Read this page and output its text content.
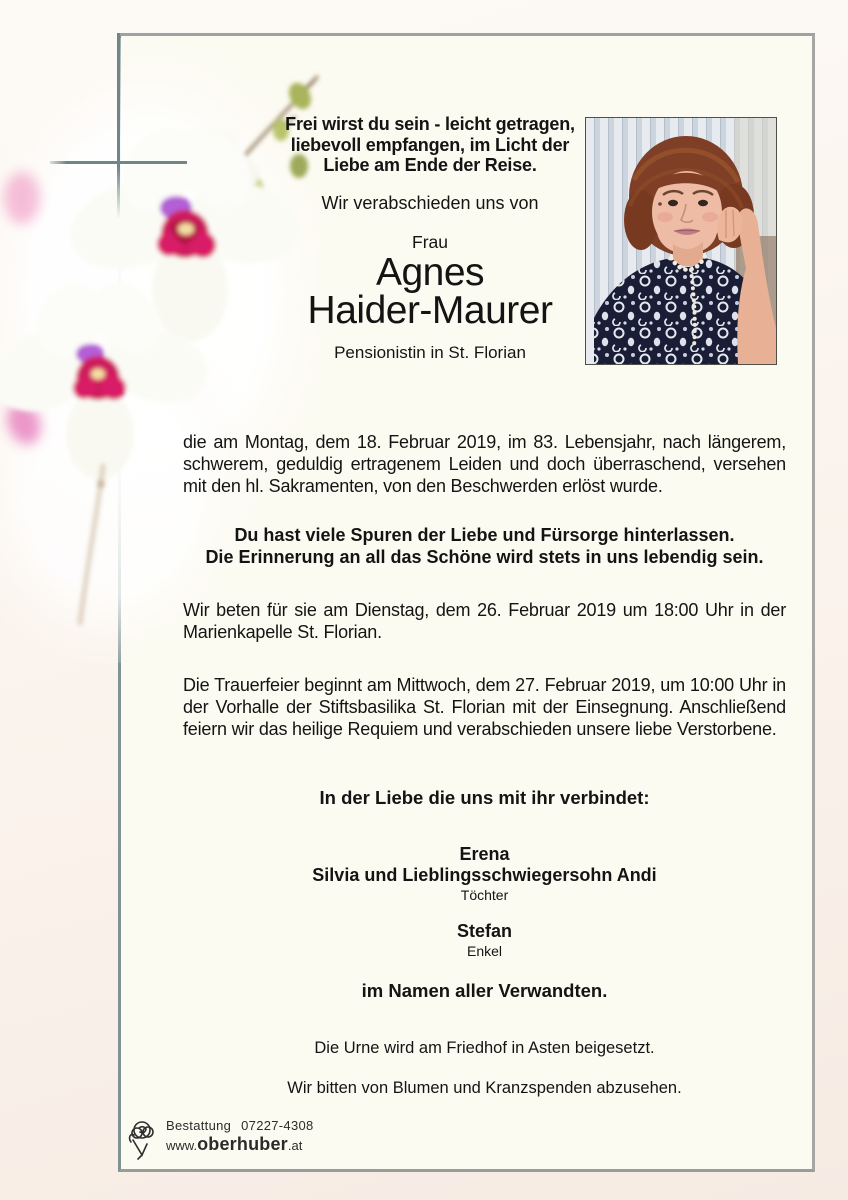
Frei wirst du sein - leicht getragen,
liebevoll empfangen, im Licht der
Liebe am Ende der Reise.
Wir verabschieden uns von
Frau
Agnes
Haider-Maurer
Pensionistin in St. Florian
die am Montag, dem 18. Februar 2019, im 83. Lebensjahr, nach längerem, schwerem, geduldig ertragenem Leiden und doch überraschend, versehen mit den hl. Sakramenten, von den Beschwerden erlöst wurde.
Du hast viele Spuren der Liebe und Fürsorge hinterlassen.
Die Erinnerung an all das Schöne wird stets in uns lebendig sein.
Wir beten für sie am Dienstag, dem 26. Februar 2019 um 18:00 Uhr in der Marienkapelle St. Florian.
Die Trauerfeier beginnt am Mittwoch, dem 27. Februar 2019, um 10:00 Uhr in der Vorhalle der Stiftsbasilika St. Florian mit der Einsegnung. Anschließend feiern wir das heilige Requiem und verabschieden unsere liebe Verstorbene.
In der Liebe die uns mit ihr verbindet:
Erena
Silvia und Lieblingsschwiegersohn Andi
Töchter
Stefan
Enkel
im Namen aller Verwandten.
Die Urne wird am Friedhof in Asten beigesetzt.
Wir bitten von Blumen und Kranzspenden abzusehen.
Bestattung 07227-4308
www.oberhuber.at
